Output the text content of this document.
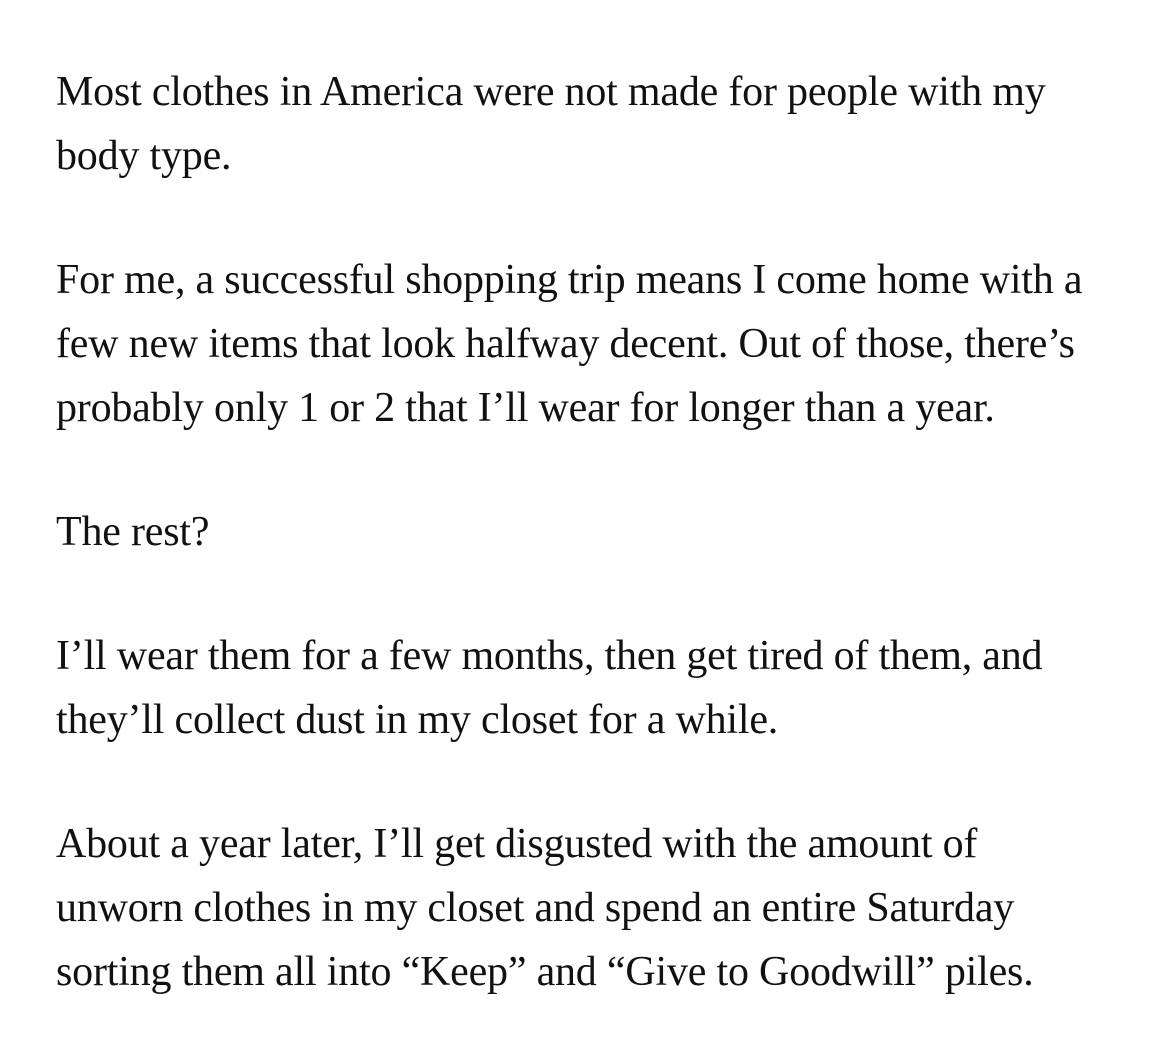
Most clothes in America were not made for people with my
body type.

For me, a successful shopping trip means I come home with a
few new items that look halfway decent. Out of those, there’s
probably only 1 or 2 that I’ll wear for longer than a year.

The rest?

I’ll wear them for a few months, then get tired of them, and
they’ll collect dust in my closet for a while.

About a year later, I’ll get disgusted with the amount of
unworn clothes in my closet and spend an entire Saturday
sorting them all into “Keep” and “Give to Goodwill” piles.
